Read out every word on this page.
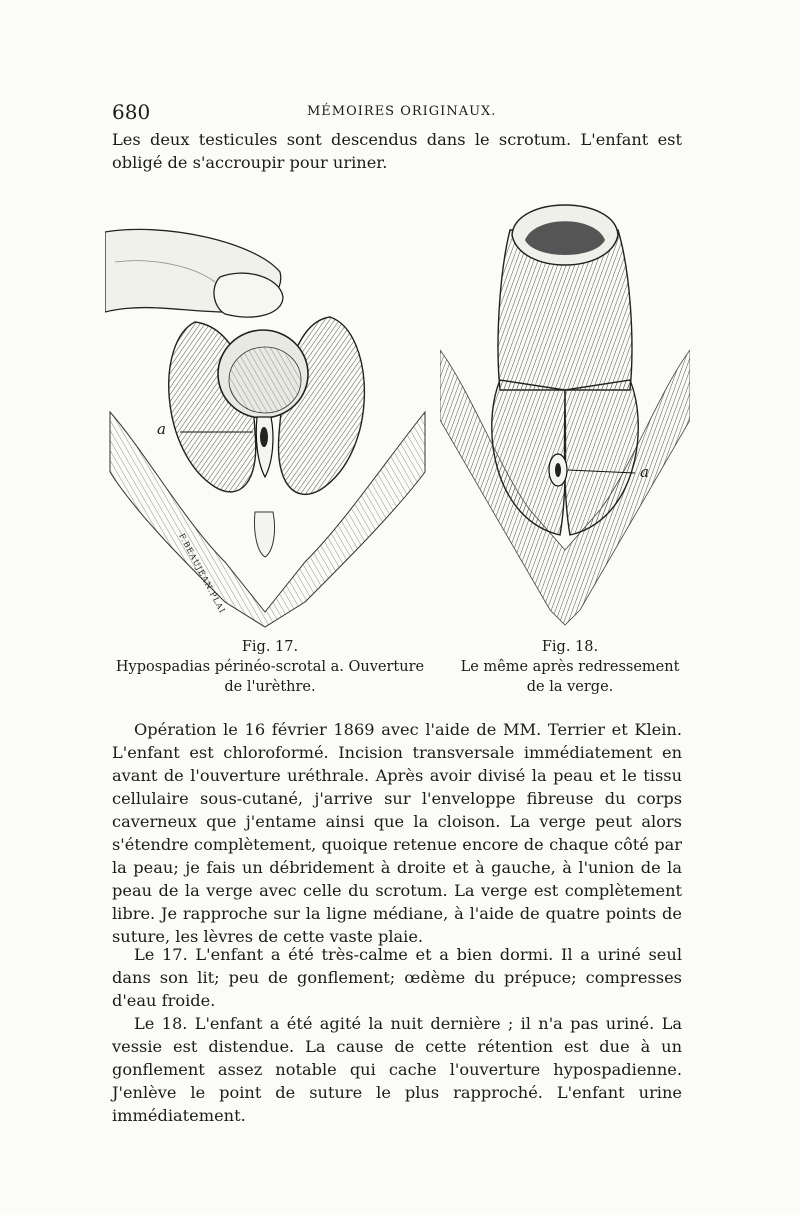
680	MÉMOIRES ORIGINAUX.
Les deux testicules sont descendus dans le scrotum. L'enfant est obligé de s'accroupir pour uriner.
a
F.BEAUJEAN.PLAI
a
Fig. 17.
Hypospadias périnéo-scrotal a. Ouverture de l'urèthre.
Fig. 18.
Le même après redressement de la verge.
Opération le 16 février 1869 avec l'aide de MM. Terrier et Klein. L'enfant est chloroformé. Incision transversale immédiatement en avant de l'ouverture uréthrale. Après avoir divisé la peau et le tissu cellulaire sous-cutané, j'arrive sur l'enveloppe fibreuse du corps caverneux que j'entame ainsi que la cloison. La verge peut alors s'étendre complètement, quoique retenue encore de chaque côté par la peau; je fais un débridement à droite et à gauche, à l'union de la peau de la verge avec celle du scrotum. La verge est complètement libre. Je rapproche sur la ligne médiane, à l'aide de quatre points de suture, les lèvres de cette vaste plaie.
Le 17. L'enfant a été très-calme et a bien dormi. Il a uriné seul dans son lit; peu de gonflement; œdème du prépuce; compresses d'eau froide.
Le 18. L'enfant a été agité la nuit dernière ; il n'a pas uriné. La vessie est distendue. La cause de cette rétention est due à un gonflement assez notable qui cache l'ouverture hypospadienne. J'enlève le point de suture le plus rapproché. L'enfant urine immédiatement.
